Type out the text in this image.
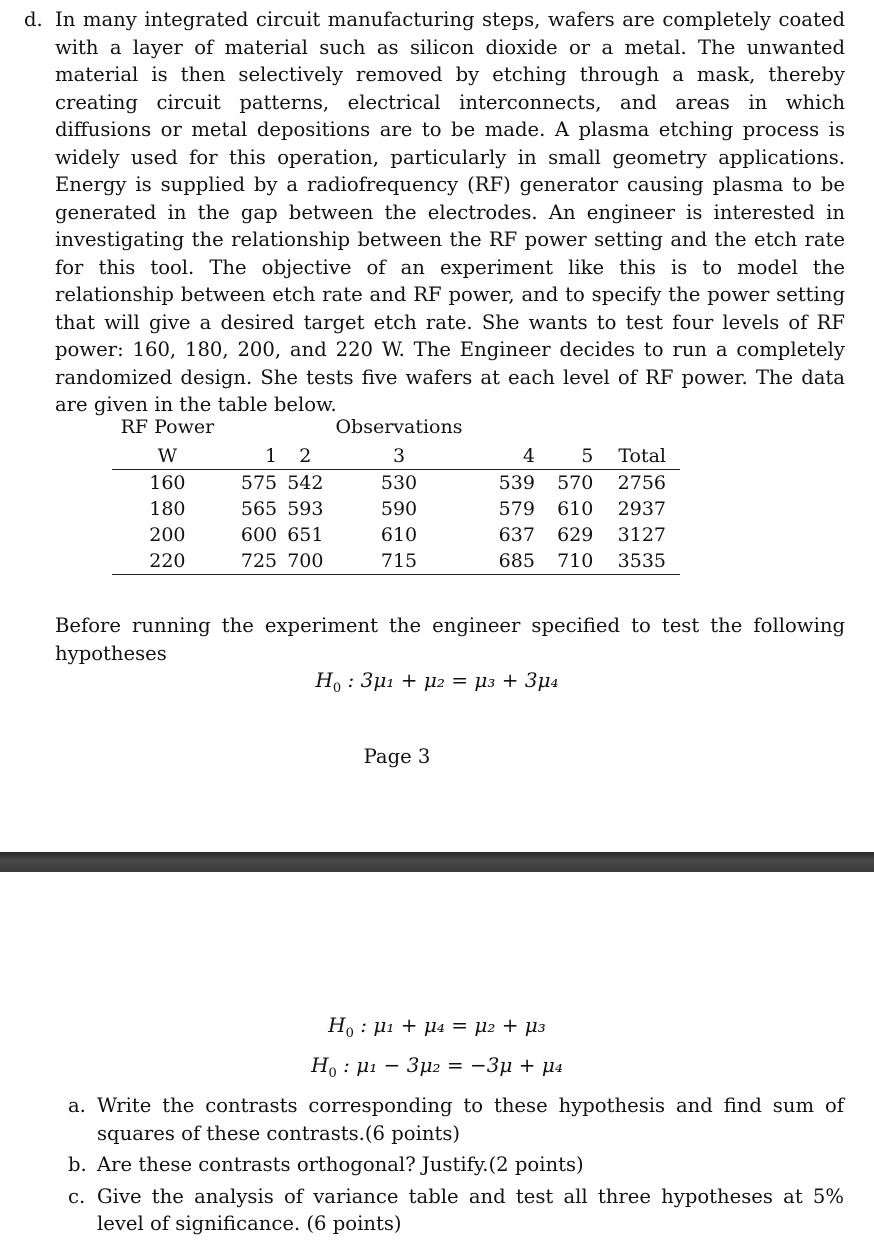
d. In many integrated circuit manufacturing steps, wafers are completely coated with a layer of material such as silicon dioxide or a metal. The unwanted material is then selectively removed by etching through a mask, thereby creating circuit patterns, electrical interconnects, and areas in which diffusions or metal depositions are to be made. A plasma etching process is widely used for this operation, particularly in small geometry applications. Energy is supplied by a radiofrequency (RF) generator causing plasma to be generated in the gap between the electrodes. An engineer is interested in investigating the relationship between the RF power setting and the etch rate for this tool. The objective of an experiment like this is to model the relationship between etch rate and RF power, and to specify the power setting that will give a desired target etch rate. She wants to test four levels of RF power: 160, 180, 200, and 220 W. The Engineer decides to run a completely randomized design. She tests five wafers at each level of RF power. The data are given in the table below.

RF Power			Observations			
W	1	2	3	4	5	Total
160	575	542	530	539	570	2756
180	565	593	590	579	610	2937
200	600	651	610	637	629	3127
220	725	700	715	685	710	3535

Before running the experiment the engineer specified to test the following hypotheses

$H_0$ : 3μ₁ + μ₂ = μ₃ + 3μ₄
Page 3
$H_0$ : μ₁ + μ₄ = μ₂ + μ₃
$H_0$ : μ₁ − 3μ₂ = −3μ + μ₄
a. Write the contrasts corresponding to these hypothesis and find sum of squares of these contrasts.(6 points)
b. Are these contrasts orthogonal? Justify.(2 points)
c. Give the analysis of variance table and test all three hypotheses at 5% level of significance. (6 points)
